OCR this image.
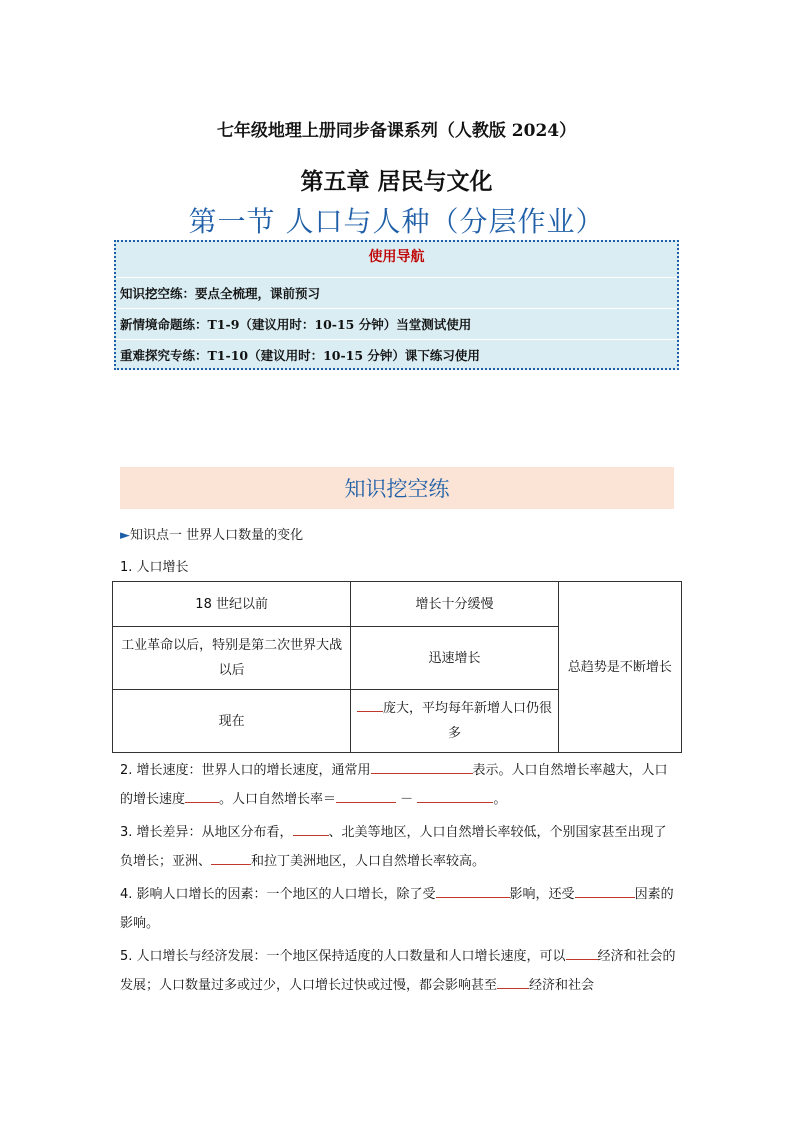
七年级地理上册同步备课系列（人教版 2024）
第五章 居民与文化
第一节 人口与人种（分层作业）
使用导航
知识挖空练：要点全梳理，课前预习
新情境命题练：T1-9（建议用时：10-15 分钟）当堂测试使用
重难探究专练：T1-10（建议用时：10-15 分钟）课下练习使用
知识挖空练
►知识点一 世界人口数量的变化
1. 人口增长
18 世纪以前	增长十分缓慢	总趋势是不断增长
工业革命以后，特别是第二次世界大战以后	迅速增长	
现在	庞大，平均每年新增人口仍很多	
2. 增长速度：世界人口的增长速度，通常用	表示。人口自然增长率越大，人口的增长速度	。人口自然增长率＝	－	。
3. 增长差异：从地区分布看，	、北美等地区，人口自然增长率较低，个别国家甚至出现了负增长；亚洲、	和拉丁美洲地区，人口自然增长率较高。
4. 影响人口增长的因素：一个地区的人口增长，除了受	影响，还受	因素的影响。
5. 人口增长与经济发展：一个地区保持适度的人口数量和人口增长速度，可以 经济和社会的发展；人口数量过多或过少，人口增长过快或过慢，都会影响甚至 经济和社会
